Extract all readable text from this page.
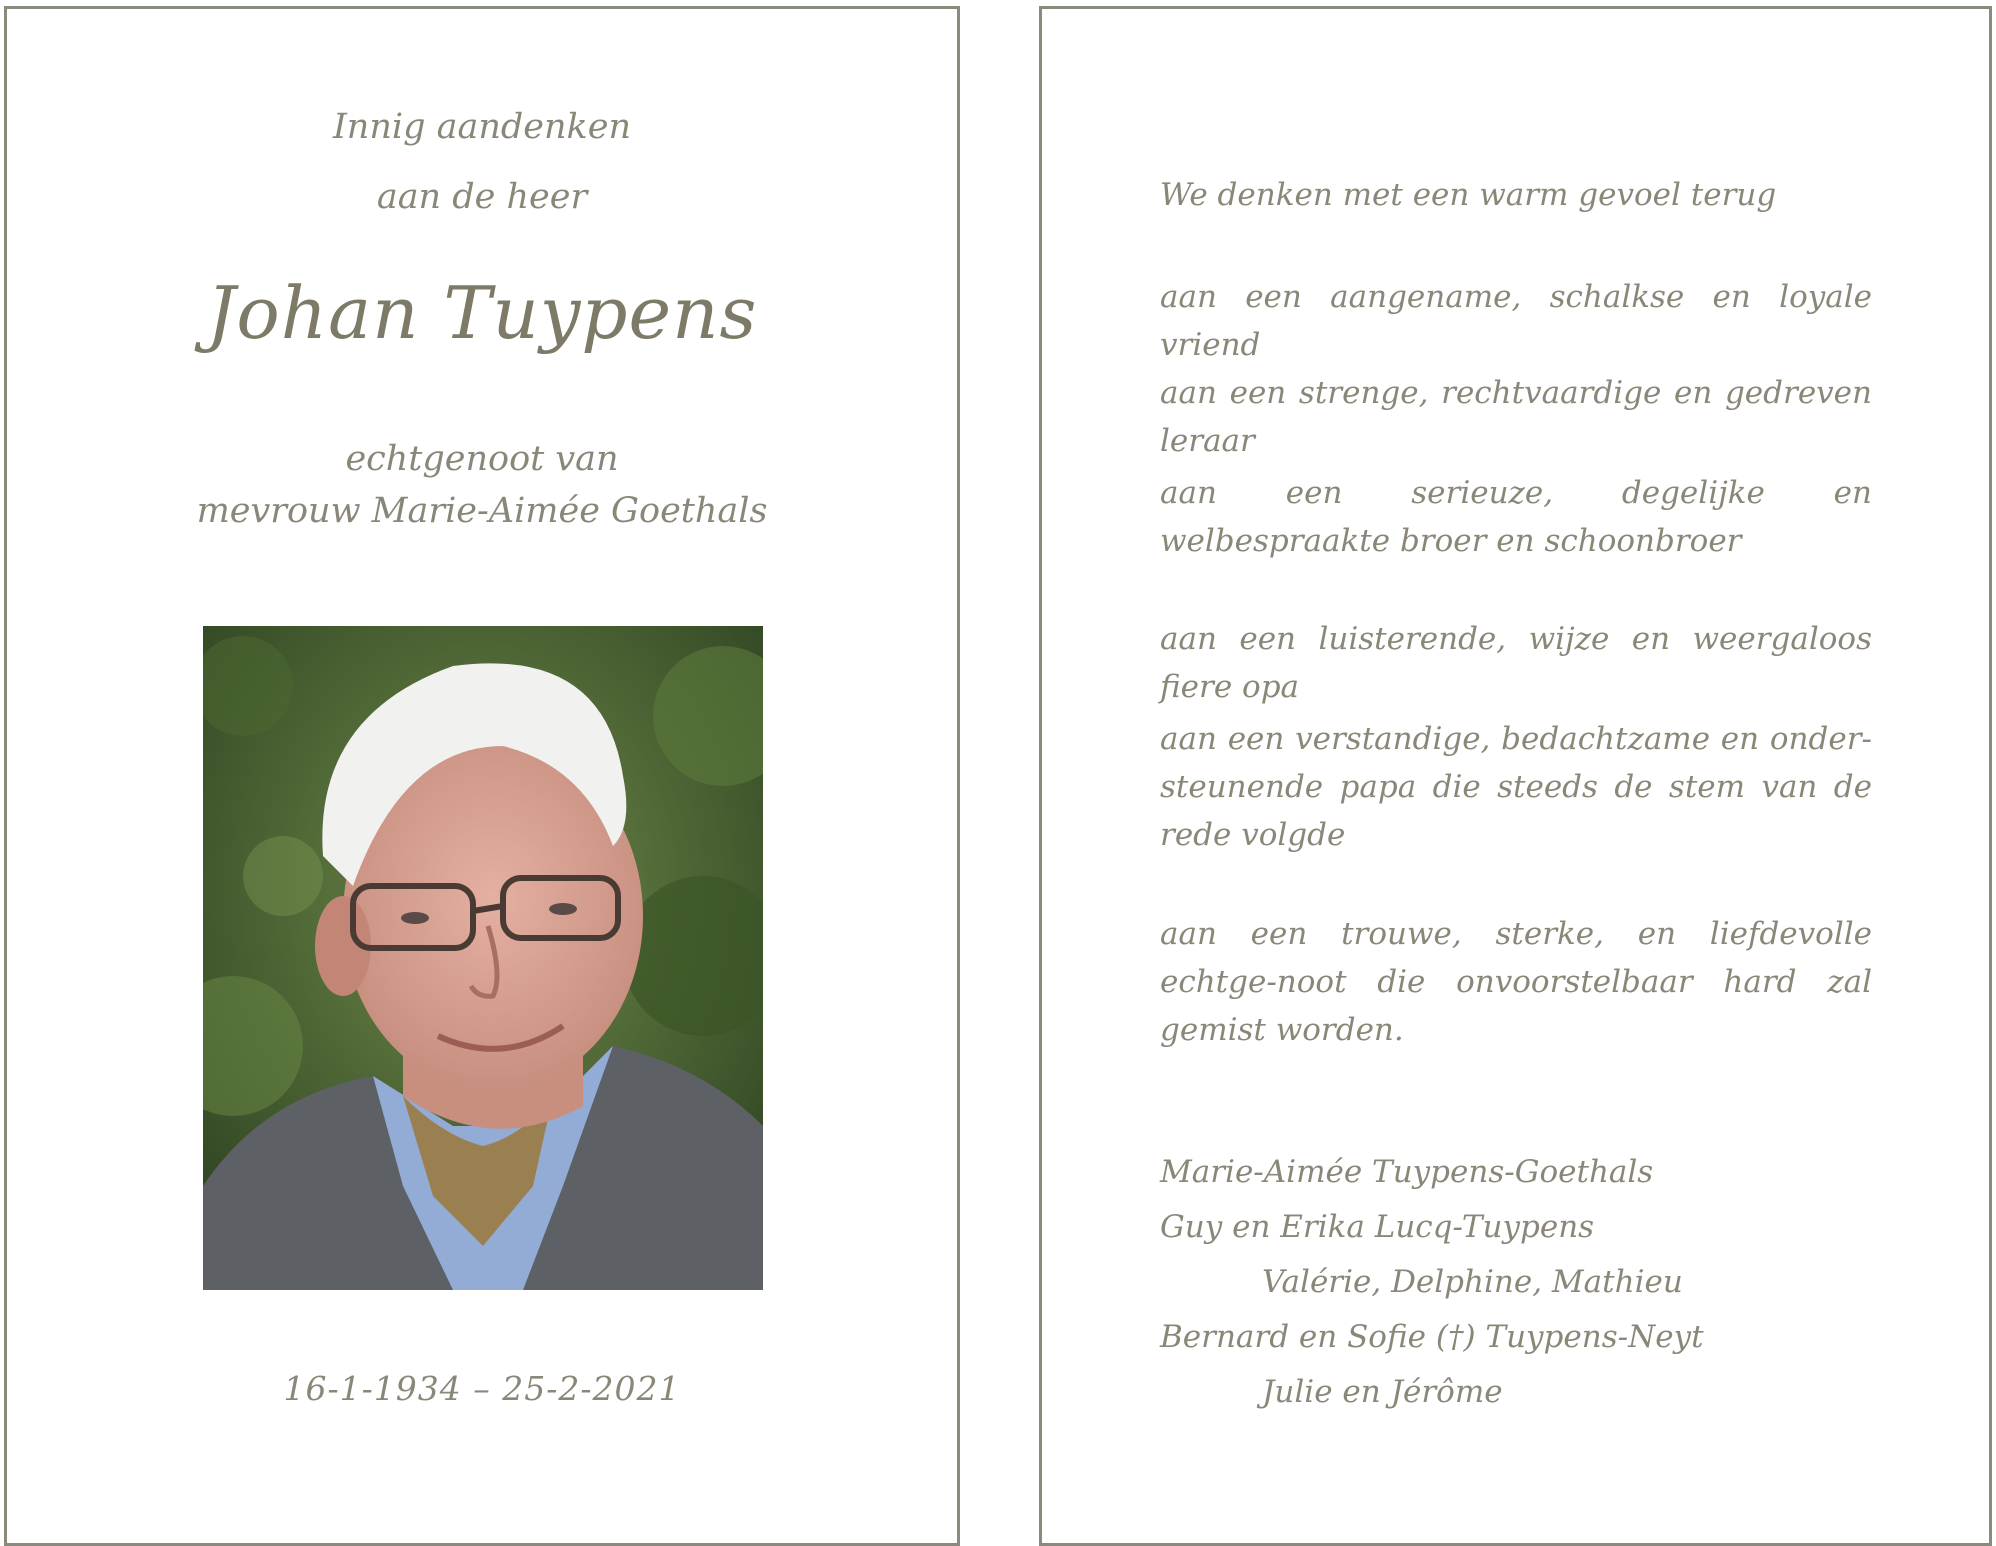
Innig aandenken
aan de heer
Johan Tuypens
echtgenoot van
mevrouw Marie-Aimée Goethals
16-1-1934 – 25-2-2021
We denken met een warm gevoel terug
aan een aangename, schalkse en loyale vriend
aan een strenge, rechtvaardige en gedreven leraar
aan een serieuze, degelijke en welbespraakte broer en schoonbroer
aan een luisterende, wijze en weergaloos fiere opa
aan een verstandige, bedachtzame en onder-steunende papa die steeds de stem van de rede volgde
aan een trouwe, sterke, en liefdevolle echtge-noot die onvoorstelbaar hard zal gemist worden.
Marie-Aimée Tuypens-Goethals
Guy en Erika Lucq-Tuypens
Valérie, Delphine, Mathieu
Bernard en Sofie (†) Tuypens-Neyt
Julie en Jérôme
